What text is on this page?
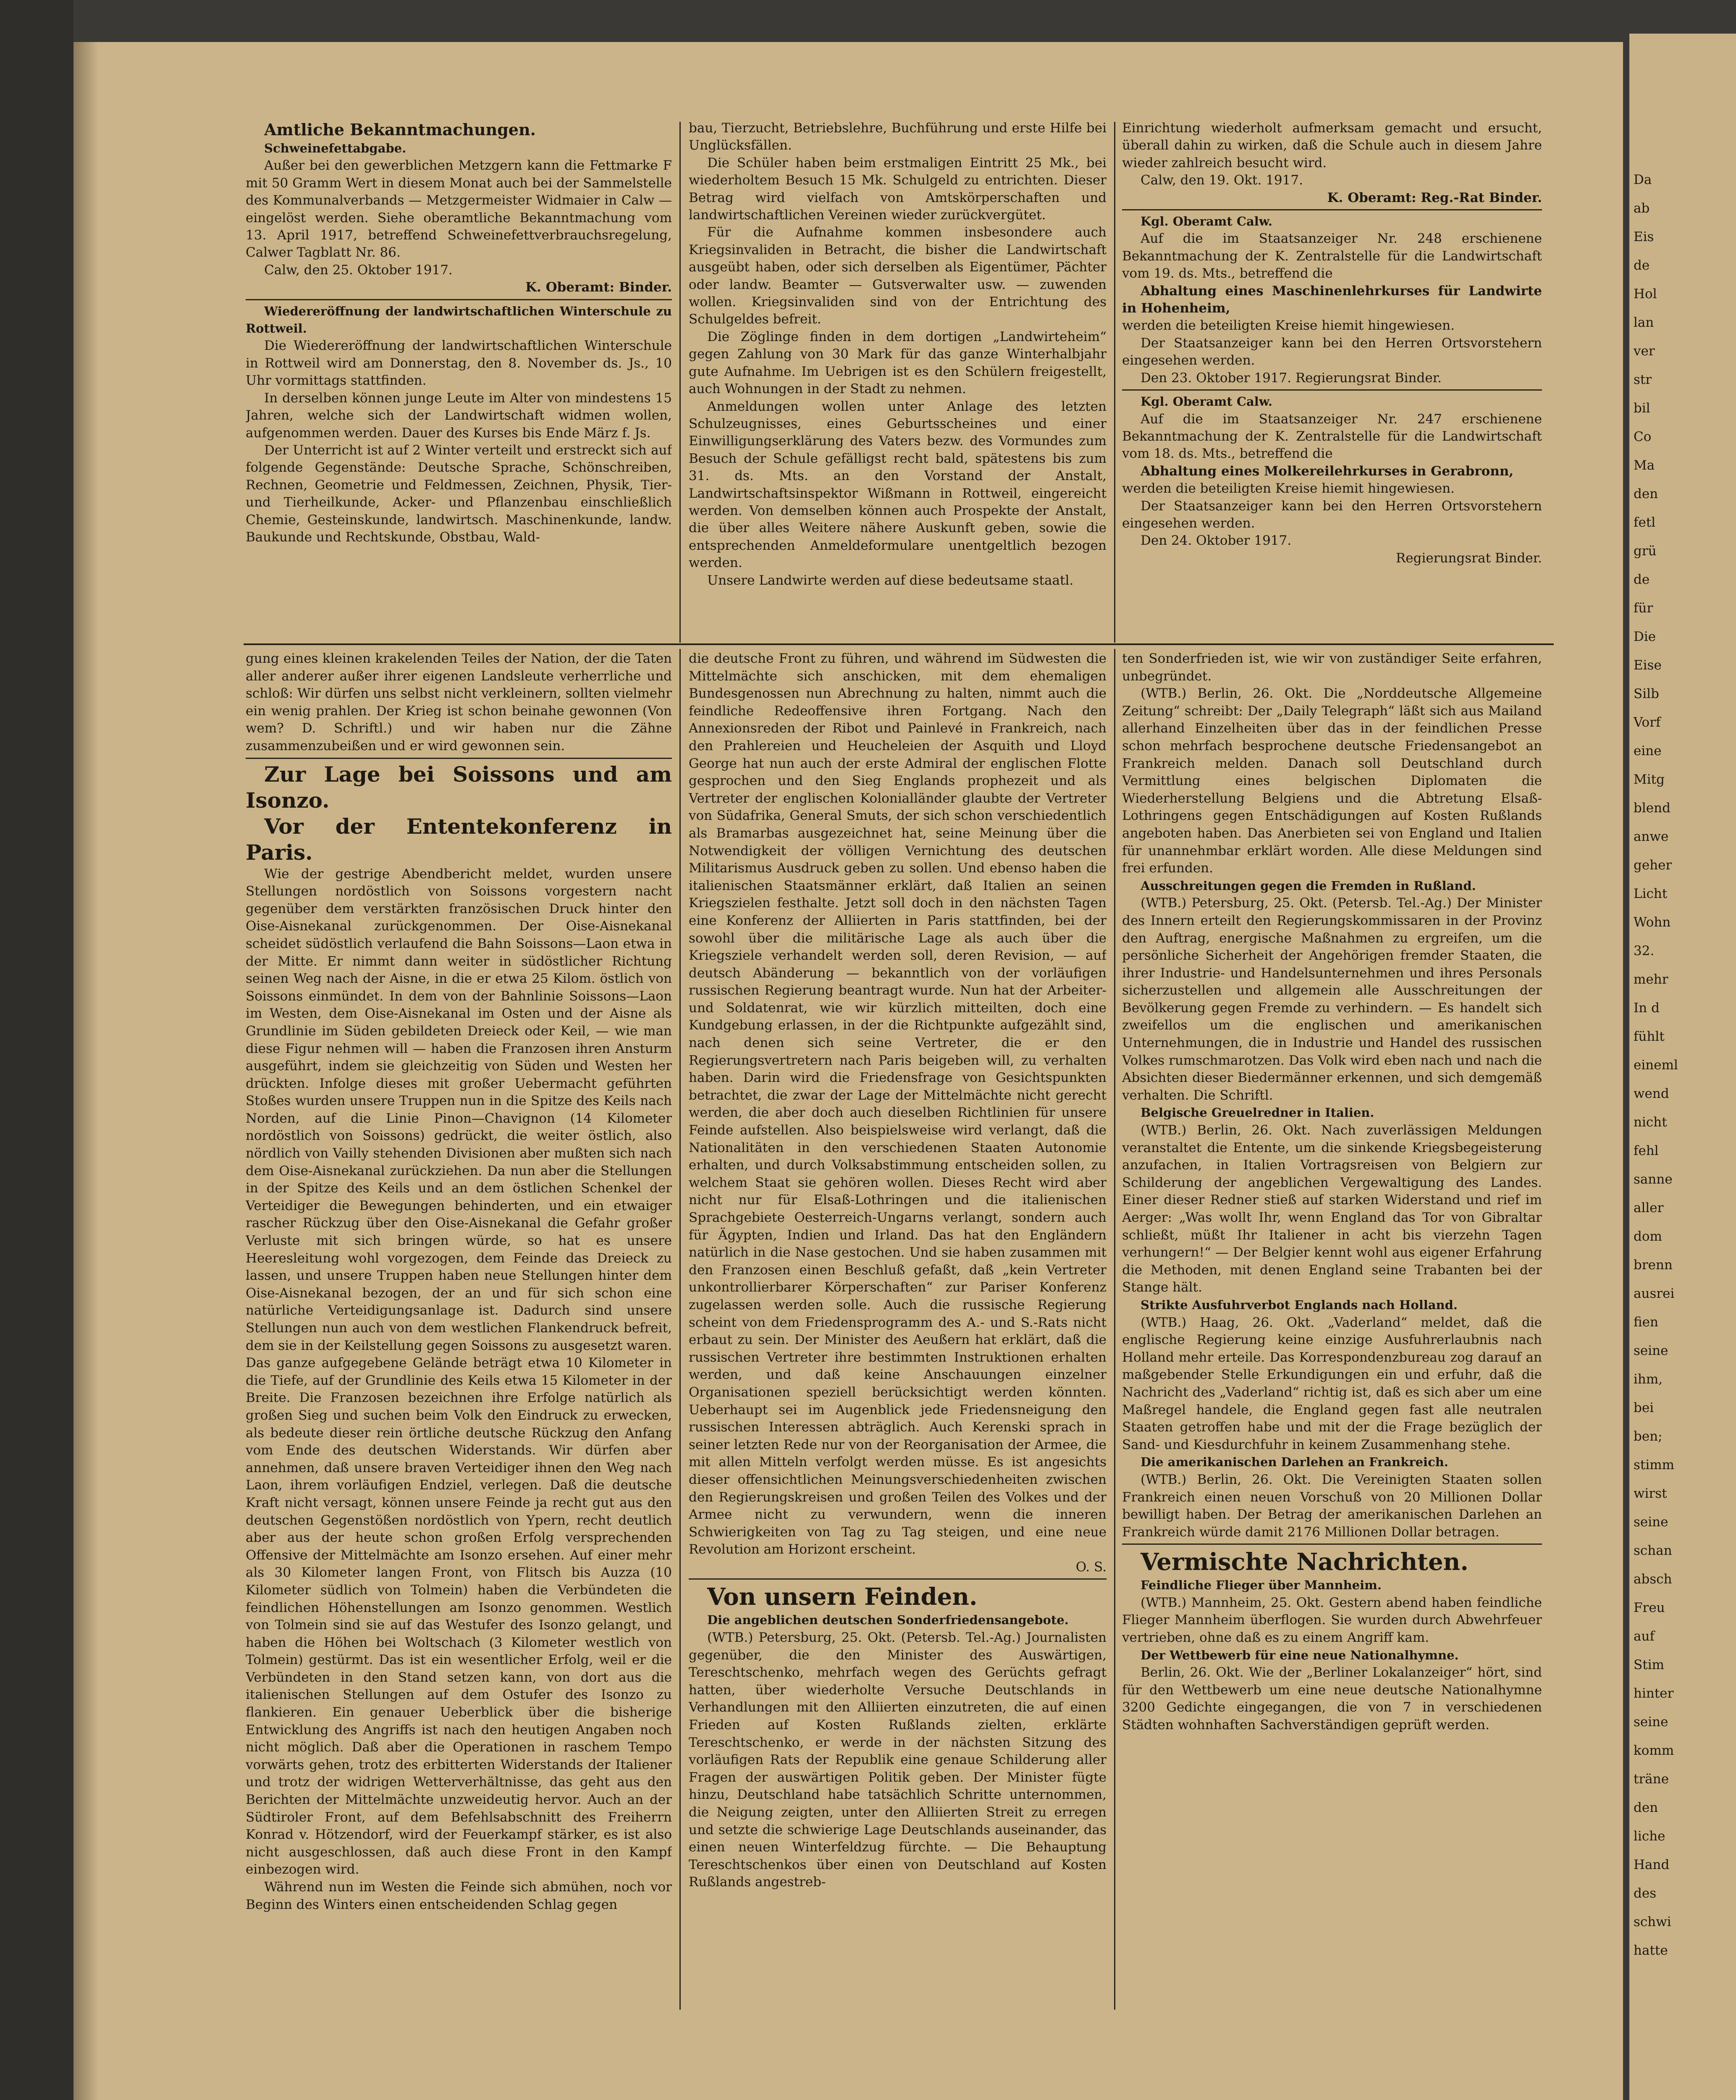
Amtliche Bekanntmachungen.

Schweinefettabgabe.

Außer bei den gewerblichen Metzgern kann die Fettmarke F mit 50 Gramm Wert in diesem Monat auch bei der Sammelstelle des Kommunalverbands — Metzgermeister Widmaier in Calw — eingelöst werden. Siehe oberamtliche Bekanntmachung vom 13. April 1917, betreffend Schweinefettverbrauchsregelung, Calwer Tagblatt Nr. 86.

Calw, den 25. Oktober 1917.

K. Oberamt: Binder.

Wiedereröffnung der landwirtschaftlichen Winterschule zu Rottweil.

Die Wiedereröffnung der landwirtschaftlichen Winterschule in Rottweil wird am Donnerstag, den 8. November ds. Js., 10 Uhr vormittags stattfinden.

In derselben können junge Leute im Alter von mindestens 15 Jahren, welche sich der Landwirtschaft widmen wollen, aufgenommen werden. Dauer des Kurses bis Ende März f. Js.

Der Unterricht ist auf 2 Winter verteilt und erstreckt sich auf folgende Gegenstände: Deutsche Sprache, Schönschreiben, Rechnen, Geometrie und Feldmessen, Zeichnen, Physik, Tier- und Tierheilkunde, Acker- und Pflanzenbau einschließlich Chemie, Gesteinskunde, landwirtsch. Maschinenkunde, landw. Baukunde und Rechtskunde, Obstbau, Wald-

bau, Tierzucht, Betriebslehre, Buchführung und erste Hilfe bei Unglücksfällen.

Die Schüler haben beim erstmaligen Eintritt 25 Mk., bei wiederholtem Besuch 15 Mk. Schulgeld zu entrichten. Dieser Betrag wird vielfach von Amtskörperschaften und landwirtschaftlichen Vereinen wieder zurückvergütet.

Für die Aufnahme kommen insbesondere auch Kriegsinvaliden in Betracht, die bisher die Landwirtschaft ausgeübt haben, oder sich derselben als Eigentümer, Pächter oder landw. Beamter — Gutsverwalter usw. — zuwenden wollen. Kriegsinvaliden sind von der Entrichtung des Schulgeldes befreit.

Die Zöglinge finden in dem dortigen „Landwirteheim“ gegen Zahlung von 30 Mark für das ganze Winterhalbjahr gute Aufnahme. Im Uebrigen ist es den Schülern freigestellt, auch Wohnungen in der Stadt zu nehmen.

Anmeldungen wollen unter Anlage des letzten Schulzeugnisses, eines Geburtsscheines und einer Einwilligungserklärung des Vaters bezw. des Vormundes zum Besuch der Schule gefälligst recht bald, spätestens bis zum 31. ds. Mts. an den Vorstand der Anstalt, Landwirtschaftsinspektor Wißmann in Rottweil, eingereicht werden. Von demselben können auch Prospekte der Anstalt, die über alles Weitere nähere Auskunft geben, sowie die entsprechenden Anmeldeformulare unentgeltlich bezogen werden.

Unsere Landwirte werden auf diese bedeutsame staatl.

Einrichtung wiederholt aufmerksam gemacht und ersucht, überall dahin zu wirken, daß die Schule auch in diesem Jahre wieder zahlreich besucht wird.

Calw, den 19. Okt. 1917.

K. Oberamt: Reg.-Rat Binder.

Kgl. Oberamt Calw.

Auf die im Staatsanzeiger Nr. 248 erschienene Bekanntmachung der K. Zentralstelle für die Landwirtschaft vom 19. ds. Mts., betreffend die

Abhaltung eines Maschinenlehrkurses für Landwirte in Hohenheim,

werden die beteiligten Kreise hiemit hingewiesen.

Der Staatsanzeiger kann bei den Herren Ortsvorstehern eingesehen werden.

Den 23. Oktober 1917. Regierungsrat Binder.

Kgl. Oberamt Calw.

Auf die im Staatsanzeiger Nr. 247 erschienene Bekanntmachung der K. Zentralstelle für die Landwirtschaft vom 18. ds. Mts., betreffend die

Abhaltung eines Molkereilehrkurses in Gerabronn,

werden die beteiligten Kreise hiemit hingewiesen.

Der Staatsanzeiger kann bei den Herren Ortsvorstehern eingesehen werden.

Den 24. Oktober 1917.

Regierungsrat Binder.

gung eines kleinen krakelenden Teiles der Nation, der die Taten aller anderer außer ihrer eigenen Landsleute verherrliche und schloß: Wir dürfen uns selbst nicht verkleinern, sollten vielmehr ein wenig prahlen. Der Krieg ist schon beinahe gewonnen (Von wem? D. Schriftl.) und wir haben nur die Zähne zusammenzubeißen und er wird gewonnen sein.

Zur Lage bei Soissons und am Isonzo.

Vor der Ententekonferenz in Paris.

Wie der gestrige Abendbericht meldet, wurden unsere Stellungen nordöstlich von Soissons vorgestern nacht gegenüber dem verstärkten französischen Druck hinter den Oise-Aisnekanal zurückgenommen. Der Oise-Aisnekanal scheidet südöstlich verlaufend die Bahn Soissons—Laon etwa in der Mitte. Er nimmt dann weiter in südöstlicher Richtung seinen Weg nach der Aisne, in die er etwa 25 Kilom. östlich von Soissons einmündet. In dem von der Bahnlinie Soissons—Laon im Westen, dem Oise-Aisnekanal im Osten und der Aisne als Grundlinie im Süden gebildeten Dreieck oder Keil, — wie man diese Figur nehmen will — haben die Franzosen ihren Ansturm ausgeführt, indem sie gleichzeitig von Süden und Westen her drückten. Infolge dieses mit großer Uebermacht geführten Stoßes wurden unsere Truppen nun in die Spitze des Keils nach Norden, auf die Linie Pinon—Chavignon (14 Kilometer nordöstlich von Soissons) gedrückt, die weiter östlich, also nördlich von Vailly stehenden Divisionen aber mußten sich nach dem Oise-Aisnekanal zurückziehen. Da nun aber die Stellungen in der Spitze des Keils und an dem östlichen Schenkel der Verteidiger die Bewegungen behinderten, und ein etwaiger rascher Rückzug über den Oise-Aisnekanal die Gefahr großer Verluste mit sich bringen würde, so hat es unsere Heeresleitung wohl vorgezogen, dem Feinde das Dreieck zu lassen, und unsere Truppen haben neue Stellungen hinter dem Oise-Aisnekanal bezogen, der an und für sich schon eine natürliche Verteidigungsanlage ist. Dadurch sind unsere Stellungen nun auch von dem westlichen Flankendruck befreit, dem sie in der Keilstellung gegen Soissons zu ausgesetzt waren. Das ganze aufgegebene Gelände beträgt etwa 10 Kilometer in die Tiefe, auf der Grundlinie des Keils etwa 15 Kilometer in der Breite. Die Franzosen bezeichnen ihre Erfolge natürlich als großen Sieg und suchen beim Volk den Eindruck zu erwecken, als bedeute dieser rein örtliche deutsche Rückzug den Anfang vom Ende des deutschen Widerstands. Wir dürfen aber annehmen, daß unsere braven Verteidiger ihnen den Weg nach Laon, ihrem vorläufigen Endziel, verlegen. Daß die deutsche Kraft nicht versagt, können unsere Feinde ja recht gut aus den deutschen Gegenstößen nordöstlich von Ypern, recht deutlich aber aus der heute schon großen Erfolg versprechenden Offensive der Mittelmächte am Isonzo ersehen. Auf einer mehr als 30 Kilometer langen Front, von Flitsch bis Auzza (10 Kilometer südlich von Tolmein) haben die Verbündeten die feindlichen Höhenstellungen am Isonzo genommen. Westlich von Tolmein sind sie auf das Westufer des Isonzo gelangt, und haben die Höhen bei Woltschach (3 Kilometer westlich von Tolmein) gestürmt. Das ist ein wesentlicher Erfolg, weil er die Verbündeten in den Stand setzen kann, von dort aus die italienischen Stellungen auf dem Ostufer des Isonzo zu flankieren. Ein genauer Ueberblick über die bisherige Entwicklung des Angriffs ist nach den heutigen Angaben noch nicht möglich. Daß aber die Operationen in raschem Tempo vorwärts gehen, trotz des erbitterten Widerstands der Italiener und trotz der widrigen Wetterverhältnisse, das geht aus den Berichten der Mittelmächte unzweideutig hervor. Auch an der Südtiroler Front, auf dem Befehlsabschnitt des Freiherrn Konrad v. Hötzendorf, wird der Feuerkampf stärker, es ist also nicht ausgeschlossen, daß auch diese Front in den Kampf einbezogen wird.

Während nun im Westen die Feinde sich abmühen, noch vor Beginn des Winters einen entscheidenden Schlag gegen

die deutsche Front zu führen, und während im Südwesten die Mittelmächte sich anschicken, mit dem ehemaligen Bundesgenossen nun Abrechnung zu halten, nimmt auch die feindliche Redeoffensive ihren Fortgang. Nach den Annexionsreden der Ribot und Painlevé in Frankreich, nach den Prahlereien und Heucheleien der Asquith und Lloyd George hat nun auch der erste Admiral der englischen Flotte gesprochen und den Sieg Englands prophezeit und als Vertreter der englischen Kolonialländer glaubte der Vertreter von Südafrika, General Smuts, der sich schon verschiedentlich als Bramarbas ausgezeichnet hat, seine Meinung über die Notwendigkeit der völligen Vernichtung des deutschen Militarismus Ausdruck geben zu sollen. Und ebenso haben die italienischen Staatsmänner erklärt, daß Italien an seinen Kriegszielen festhalte. Jetzt soll doch in den nächsten Tagen eine Konferenz der Alliierten in Paris stattfinden, bei der sowohl über die militärische Lage als auch über die Kriegsziele verhandelt werden soll, deren Revision, — auf deutsch Abänderung — bekanntlich von der vorläufigen russischen Regierung beantragt wurde. Nun hat der Arbeiter- und Soldatenrat, wie wir kürzlich mitteilten, doch eine Kundgebung erlassen, in der die Richtpunkte aufgezählt sind, nach denen sich seine Vertreter, die er den Regierungsvertretern nach Paris beigeben will, zu verhalten haben. Darin wird die Friedensfrage von Gesichtspunkten betrachtet, die zwar der Lage der Mittelmächte nicht gerecht werden, die aber doch auch dieselben Richtlinien für unsere Feinde aufstellen. Also beispielsweise wird verlangt, daß die Nationalitäten in den verschiedenen Staaten Autonomie erhalten, und durch Volksabstimmung entscheiden sollen, zu welchem Staat sie gehören wollen. Dieses Recht wird aber nicht nur für Elsaß-Lothringen und die italienischen Sprachgebiete Oesterreich-Ungarns verlangt, sondern auch für Ägypten, Indien und Irland. Das hat den Engländern natürlich in die Nase gestochen. Und sie haben zusammen mit den Franzosen einen Beschluß gefaßt, daß „kein Vertreter unkontrollierbarer Körperschaften“ zur Pariser Konferenz zugelassen werden solle. Auch die russische Regierung scheint von dem Friedensprogramm des A.- und S.-Rats nicht erbaut zu sein. Der Minister des Aeußern hat erklärt, daß die russischen Vertreter ihre bestimmten Instruktionen erhalten werden, und daß keine Anschauungen einzelner Organisationen speziell berücksichtigt werden könnten. Ueberhaupt sei im Augenblick jede Friedensneigung den russischen Interessen abträglich. Auch Kerenski sprach in seiner letzten Rede nur von der Reorganisation der Armee, die mit allen Mitteln verfolgt werden müsse. Es ist angesichts dieser offensichtlichen Meinungsverschiedenheiten zwischen den Regierungskreisen und großen Teilen des Volkes und der Armee nicht zu verwundern, wenn die inneren Schwierigkeiten von Tag zu Tag steigen, und eine neue Revolution am Horizont erscheint.

O. S.

Von unsern Feinden.

Die angeblichen deutschen Sonderfriedensangebote.

(WTB.) Petersburg, 25. Okt. (Petersb. Tel.-Ag.) Journalisten gegenüber, die den Minister des Auswärtigen, Tereschtschenko, mehrfach wegen des Gerüchts gefragt hatten, über wiederholte Versuche Deutschlands in Verhandlungen mit den Alliierten einzutreten, die auf einen Frieden auf Kosten Rußlands zielten, erklärte Tereschtschenko, er werde in der nächsten Sitzung des vorläufigen Rats der Republik eine genaue Schilderung aller Fragen der auswärtigen Politik geben. Der Minister fügte hinzu, Deutschland habe tatsächlich Schritte unternommen, die Neigung zeigten, unter den Alliierten Streit zu erregen und setzte die schwierige Lage Deutschlands auseinander, das einen neuen Winterfeldzug fürchte. — Die Behauptung Tereschtschenkos über einen von Deutschland auf Kosten Rußlands angestreb-

ten Sonderfrieden ist, wie wir von zuständiger Seite erfahren, unbegründet.

(WTB.) Berlin, 26. Okt. Die „Norddeutsche Allgemeine Zeitung“ schreibt: Der „Daily Telegraph“ läßt sich aus Mailand allerhand Einzelheiten über das in der feindlichen Presse schon mehrfach besprochene deutsche Friedensangebot an Frankreich melden. Danach soll Deutschland durch Vermittlung eines belgischen Diplomaten die Wiederherstellung Belgiens und die Abtretung Elsaß-Lothringens gegen Entschädigungen auf Kosten Rußlands angeboten haben. Das Anerbieten sei von England und Italien für unannehmbar erklärt worden. Alle diese Meldungen sind frei erfunden.

Ausschreitungen gegen die Fremden in Rußland.

(WTB.) Petersburg, 25. Okt. (Petersb. Tel.-Ag.) Der Minister des Innern erteilt den Regierungskommissaren in der Provinz den Auftrag, energische Maßnahmen zu ergreifen, um die persönliche Sicherheit der Angehörigen fremder Staaten, die ihrer Industrie- und Handelsunternehmen und ihres Personals sicherzustellen und allgemein alle Ausschreitungen der Bevölkerung gegen Fremde zu verhindern. — Es handelt sich zweifellos um die englischen und amerikanischen Unternehmungen, die in Industrie und Handel des russischen Volkes rumschmarotzen. Das Volk wird eben nach und nach die Absichten dieser Biedermänner erkennen, und sich demgemäß verhalten. Die Schriftl.

Belgische Greuelredner in Italien.

(WTB.) Berlin, 26. Okt. Nach zuverlässigen Meldungen veranstaltet die Entente, um die sinkende Kriegsbegeisterung anzufachen, in Italien Vortragsreisen von Belgiern zur Schilderung der angeblichen Vergewaltigung des Landes. Einer dieser Redner stieß auf starken Widerstand und rief im Aerger: „Was wollt Ihr, wenn England das Tor von Gibraltar schließt, müßt Ihr Italiener in acht bis vierzehn Tagen verhungern!“ — Der Belgier kennt wohl aus eigener Erfahrung die Methoden, mit denen England seine Trabanten bei der Stange hält.

Strikte Ausfuhrverbot Englands nach Holland.

(WTB.) Haag, 26. Okt. „Vaderland“ meldet, daß die englische Regierung keine einzige Ausfuhrerlaubnis nach Holland mehr erteile. Das Korrespondenzbureau zog darauf an maßgebender Stelle Erkundigungen ein und erfuhr, daß die Nachricht des „Vaderland“ richtig ist, daß es sich aber um eine Maßregel handele, die England gegen fast alle neutralen Staaten getroffen habe und mit der die Frage bezüglich der Sand- und Kiesdurchfuhr in keinem Zusammenhang stehe.

Die amerikanischen Darlehen an Frankreich.

(WTB.) Berlin, 26. Okt. Die Vereinigten Staaten sollen Frankreich einen neuen Vorschuß von 20 Millionen Dollar bewilligt haben. Der Betrag der amerikanischen Darlehen an Frankreich würde damit 2176 Millionen Dollar betragen.

Vermischte Nachrichten.

Feindliche Flieger über Mannheim.

(WTB.) Mannheim, 25. Okt. Gestern abend haben feindliche Flieger Mannheim überflogen. Sie wurden durch Abwehrfeuer vertrieben, ohne daß es zu einem Angriff kam.

Der Wettbewerb für eine neue Nationalhymne.

Berlin, 26. Okt. Wie der „Berliner Lokalanzeiger“ hört, sind für den Wettbewerb um eine neue deutsche Nationalhymne 3200 Gedichte eingegangen, die von 7 in verschiedenen Städten wohnhaften Sachverständigen geprüft werden.

Da
ab
Eis
de
Hol
lan
ver
str
bil
Co
Ma
den
fetl
grü
de
für
Die
Eise
Silb
Vorf
eine
Mitg
blend
anwe
geher
Licht
Wohn
32.
mehr
In d
fühlt
eineml
wend
nicht
fehl
sanne
aller
dom
brenn
ausrei
fien
seine
ihm,
bei
ben;
stimm
wirst
seine
schan
absch
Freu
auf
Stim
hinter
seine
komm
träne
den
liche
Hand
des
schwi
hatte
